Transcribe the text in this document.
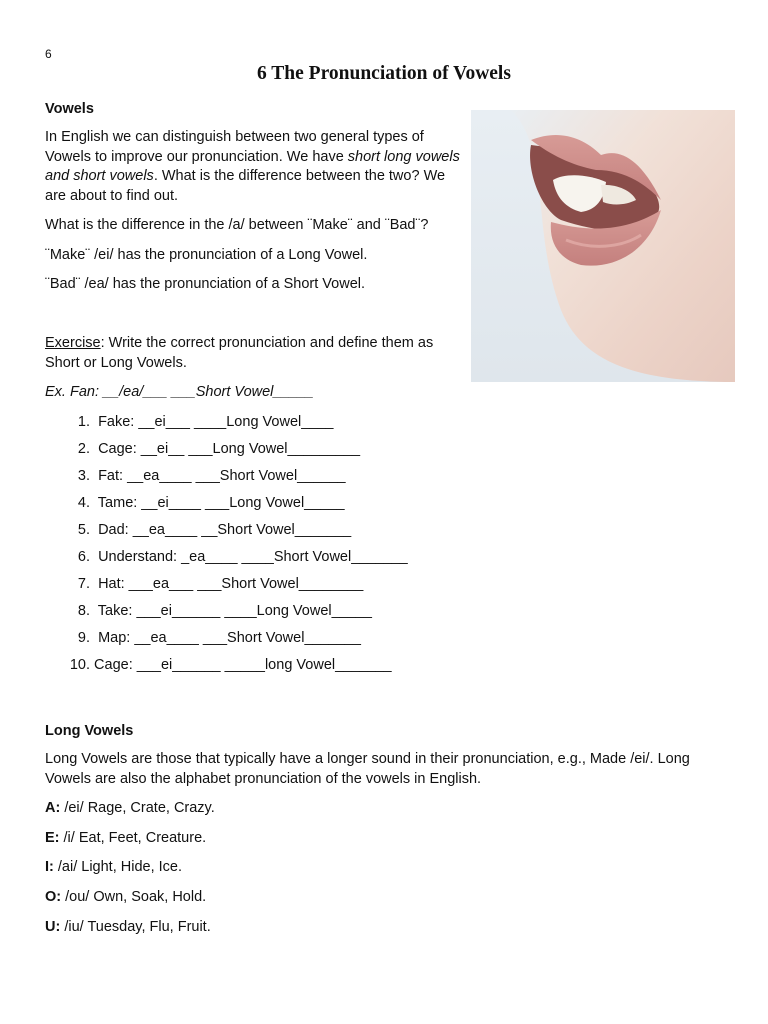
6
6 The Pronunciation of Vowels
Vowels

In English we can distinguish between two general types of Vowels to improve our pronunciation. We have short long vowels and short vowels. What is the difference between the two? We are about to find out.

What is the difference in the /a/ between ¨Make¨ and ¨Bad¨?

¨Make¨ /ei/ has the pronunciation of a Long Vowel.

¨Bad¨ /ea/ has the pronunciation of a Short Vowel.

Exercise: Write the correct pronunciation and define them as Short or Long Vowels.

Ex. Fan: __/ea/___ ___Short Vowel_____
1. Fake: __ei___ ____Long Vowel____
2. Cage: __ei__ ___Long Vowel_________
3. Fat: __ea____ ___Short Vowel______
4. Tame: __ei____ ___Long Vowel_____
5. Dad: __ea____ __Short Vowel_______
6. Understand: _ea____ ____Short Vowel_______
7. Hat: ___ea___ ___Short Vowel________
8. Take: ___ei______ ____Long Vowel_____
9. Map: __ea____ ___Short Vowel_______
10. Cage: ___ei______ _____long Vowel_______
Long Vowels

Long Vowels are those that typically have a longer sound in their pronunciation, e.g., Made /ei/. Long Vowels are also the alphabet pronunciation of the vowels in English.

A: /ei/ Rage, Crate, Crazy.
E: /i/ Eat, Feet, Creature.
I: /ai/ Light, Hide, Ice.
O: /ou/ Own, Soak, Hold.
U: /iu/ Tuesday, Flu, Fruit.
